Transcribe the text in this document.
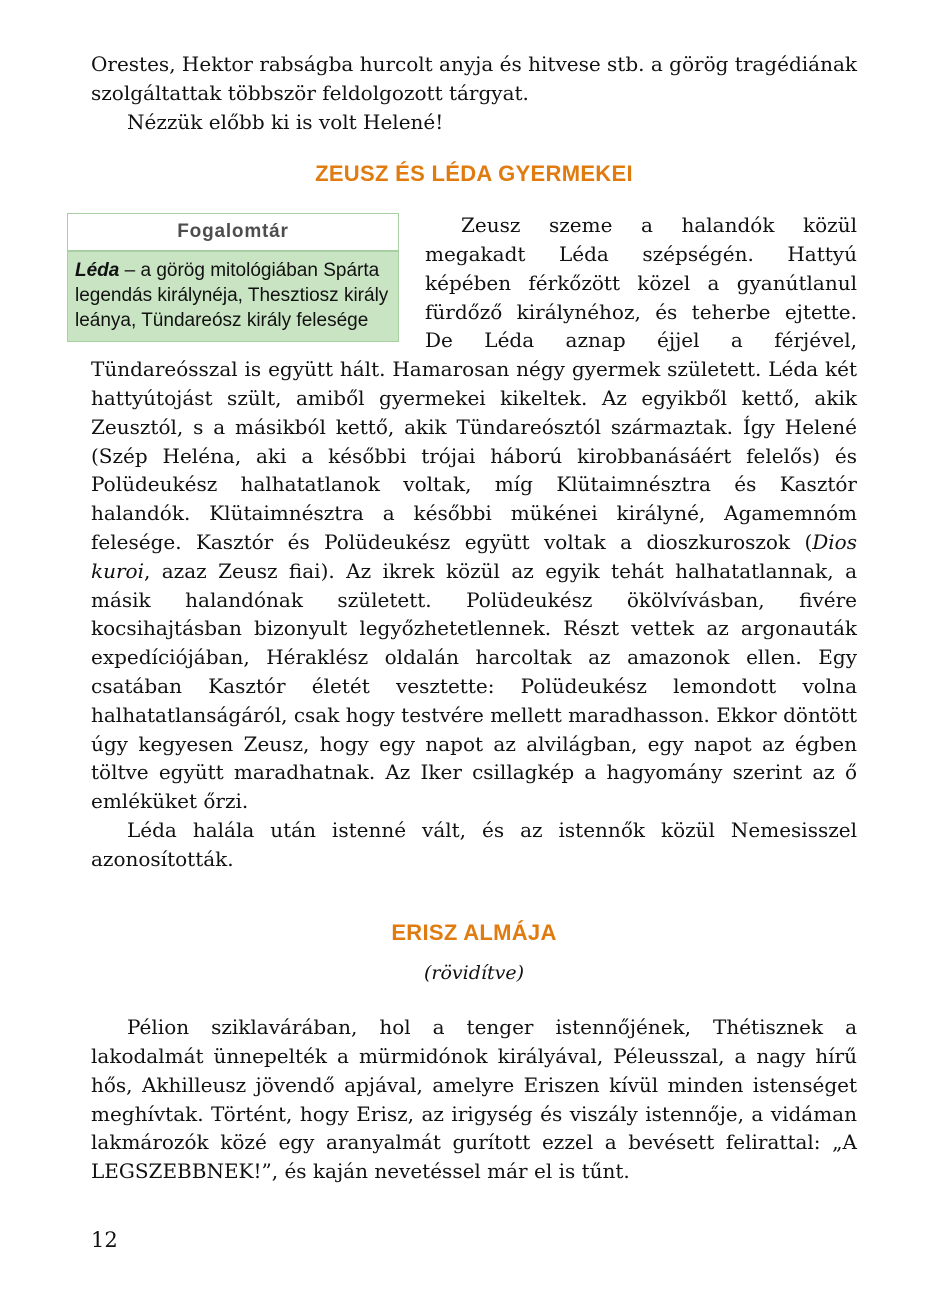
Orestes, Hektor rabságba hurcolt anyja és hitvese stb. a görög tragédiának szolgáltattak többször feldolgozott tárgyat.

Nézzük előbb ki is volt Helené!

ZEUSZ ÉS LÉDA GYERMEKEI
Fogalomtár
Léda – a görög mitológiában Spárta legendás királynéja, Thesztiosz király leánya, Tündareósz király felesége

Zeusz szeme a halandók közül megakadt Léda szépségén. Hattyú képében férkőzött közel a gyanútlanul fürdőző királynéhoz, és teherbe ejtette. De Léda aznap éjjel a férjével, Tündareósszal is együtt hált. Hamarosan négy gyermek született. Léda két hattyútojást szült, amiből gyermekei kikeltek. Az egyikből kettő, akik Zeusztól, s a másikból kettő, akik Tündareósztól származtak. Így Helené (Szép Heléna, aki a későbbi trójai háború kirobbanásáért felelős) és Polüdeukész halhatatlanok voltak, míg Klütaimnésztra és Kasztór halandók. Klütaimnésztra a későbbi mükénei királyné, Agamemnóm felesége. Kasztór és Polüdeukész együtt voltak a dioszkuroszok (Dios kuroi, azaz Zeusz fiai). Az ikrek közül az egyik tehát halhatatlannak, a másik halandónak született. Polüdeukész ökölvívásban, fivére kocsihajtásban bizonyult legyőzhetetlennek. Részt vettek az argonauták expedíciójában, Héraklész oldalán harcoltak az amazonok ellen. Egy csatában Kasztór életét vesztette: Polüdeukész lemondott volna halhatatlanságáról, csak hogy testvére mellett maradhasson. Ekkor döntött úgy kegyesen Zeusz, hogy egy napot az alvilágban, egy napot az égben töltve együtt maradhatnak. Az Iker csillagkép a hagyomány szerint az ő emléküket őrzi.

Léda halála után istenné vált, és az istennők közül Nemesisszel azonosították.

ERISZ ALMÁJA
(rövidítve)

Pélion sziklavárában, hol a tenger istennőjének, Thétisznek a lakodalmát ünnepelték a mürmidónok királyával, Péleusszal, a nagy hírű hős, Akhilleusz jövendő apjával, amelyre Eriszen kívül minden istenséget meghívtak. Történt, hogy Erisz, az irigység és viszály istennője, a vidáman lakmározók közé egy aranyalmát gurított ezzel a bevésett felirattal: „A LEGSZEBBNEK!”, és kaján nevetéssel már el is tűnt.

12
